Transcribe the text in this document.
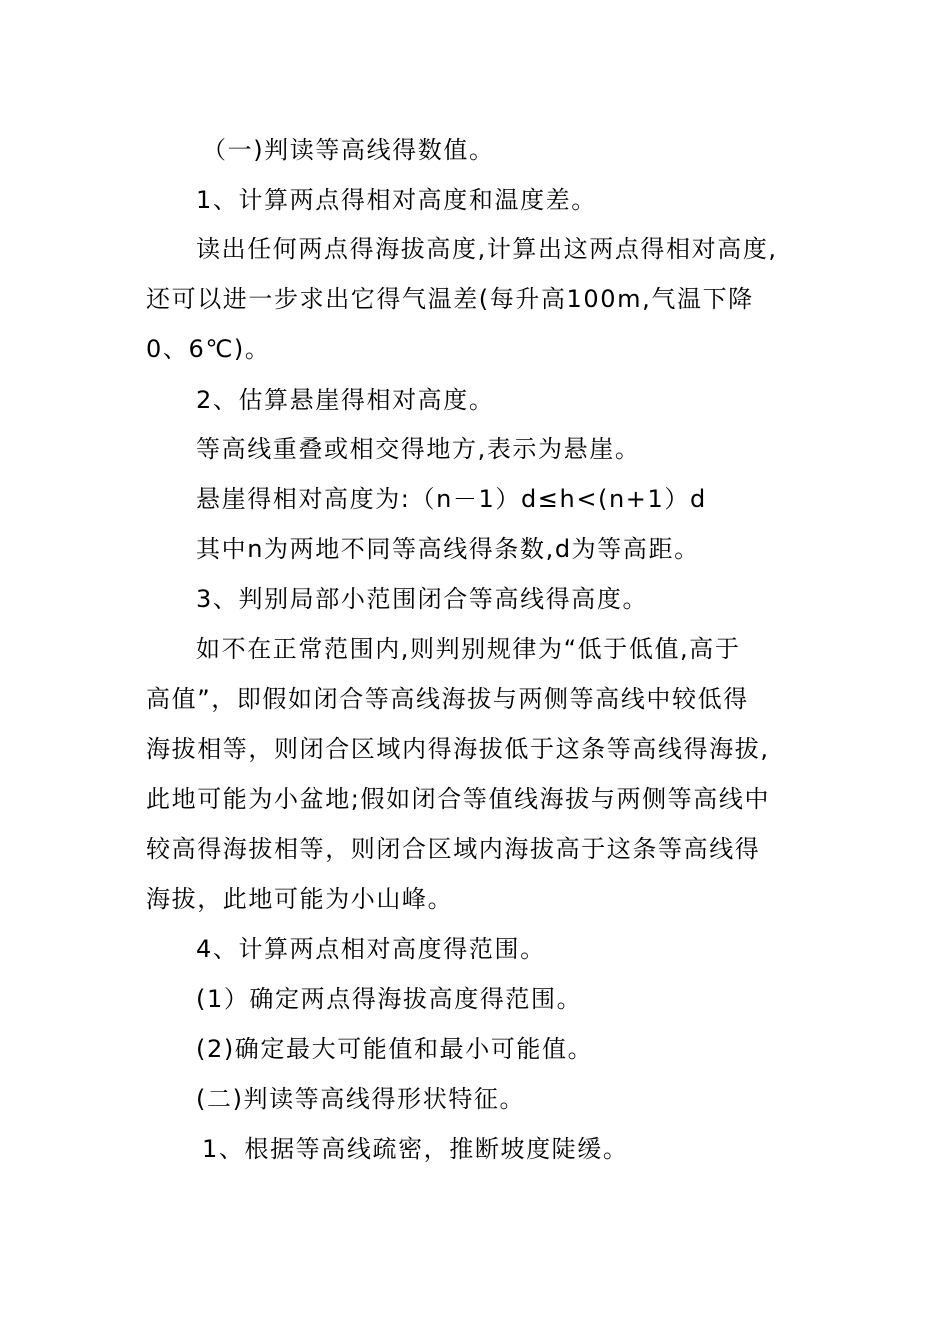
（一)判读等高线得数值。

1、计算两点得相对高度和温度差。

读出任何两点得海拔高度,计算出这两点得相对高度,

还可以进一步求出它得气温差(每升高100m,气温下降

0、6℃)。

2、估算悬崖得相对高度。

等高线重叠或相交得地方,表示为悬崖。

悬崖得相对高度为:（n－1）d≤h<(n+1）d

其中n为两地不同等高线得条数,d为等高距。

3、判别局部小范围闭合等高线得高度。

如不在正常范围内,则判别规律为“低于低值,高于

高值”，即假如闭合等高线海拔与两侧等高线中较低得

海拔相等，则闭合区域内得海拔低于这条等高线得海拔,

此地可能为小盆地;假如闭合等值线海拔与两侧等高线中

较高得海拔相等，则闭合区域内海拔高于这条等高线得

海拔，此地可能为小山峰。

4、计算两点相对高度得范围。

(1）确定两点得海拔高度得范围。

(2)确定最大可能值和最小可能值。

(二)判读等高线得形状特征。

1、根据等高线疏密，推断坡度陡缓。
